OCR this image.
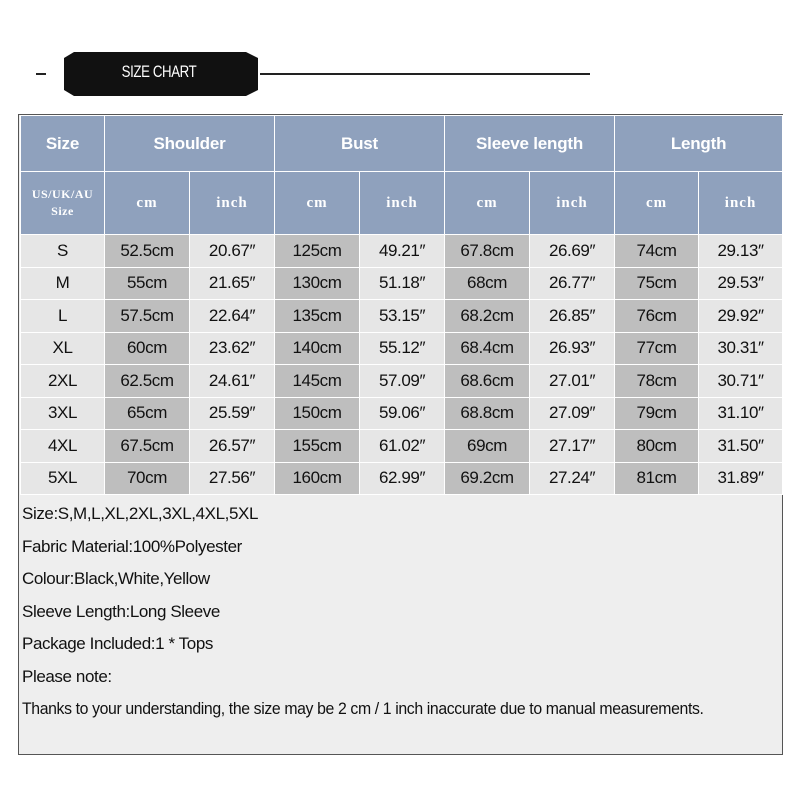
SIZE CHART
Size	Shoulder		Bust		Sleeve length		Length	

US/UK/AU
Size	cm	inch	cm	inch	cm	inch	cm	inch
S	52.5cm	20.67″	125cm	49.21″	67.8cm	26.69″	74cm	29.13″
M	55cm	21.65″	130cm	51.18″	68cm	26.77″	75cm	29.53″
L	57.5cm	22.64″	135cm	53.15″	68.2cm	26.85″	76cm	29.92″
XL	60cm	23.62″	140cm	55.12″	68.4cm	26.93″	77cm	30.31″
2XL	62.5cm	24.61″	145cm	57.09″	68.6cm	27.01″	78cm	30.71″
3XL	65cm	25.59″	150cm	59.06″	68.8cm	27.09″	79cm	31.10″
4XL	67.5cm	26.57″	155cm	61.02″	69cm	27.17″	80cm	31.50″
5XL	70cm	27.56″	160cm	62.99″	69.2cm	27.24″	81cm	31.89″
Size:S,M,L,XL,2XL,3XL,4XL,5XL
Fabric Material:100%Polyester
Colour:Black,White,Yellow
Sleeve Length:Long Sleeve
Package Included:1 * Tops
Please note:
Thanks to your understanding, the size may be 2 cm / 1 inch inaccurate due to manual measurements.
